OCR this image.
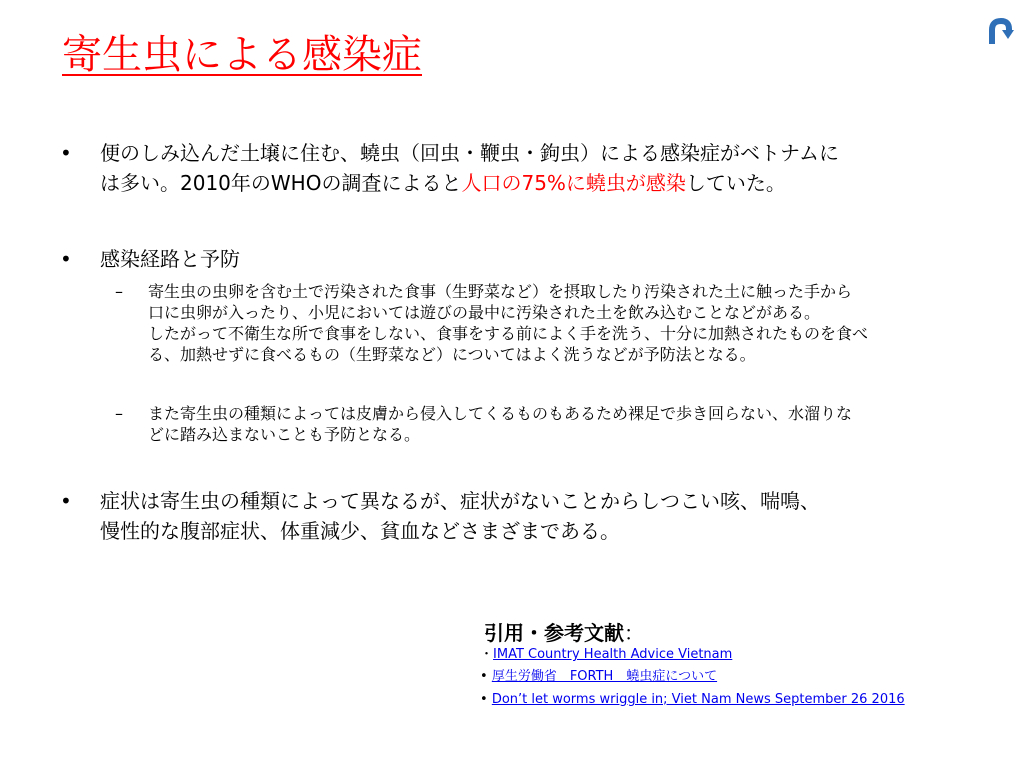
寄生虫による感染症
• 便のしみ込んだ土壌に住む、蟯虫（回虫・鞭虫・鉤虫）による感染症がベトナムに
は多い。2010年のWHOの調査によると人口の75%に蟯虫が感染していた。
• 感染経路と予防
– 寄生虫の虫卵を含む土で汚染された食事（生野菜など）を摂取したり汚染された土に触った手から
口に虫卵が入ったり、小児においては遊びの最中に汚染された土を飲み込むことなどがある。
したがって不衛生な所で食事をしない、食事をする前によく手を洗う、十分に加熱されたものを食べ
る、加熱せずに食べるもの（生野菜など）についてはよく洗うなどが予防法となる。
– また寄生虫の種類によっては皮膚から侵入してくるものもあるため裸足で歩き回らない、水溜りな
どに踏み込まないことも予防となる。
• 症状は寄生虫の種類によって異なるが、症状がないことからしつこい咳、喘鳴、
慢性的な腹部症状、体重減少、貧血などさまざまである。
引用・参考文献：
・IMAT Country Health Advice Vietnam
• 厚生労働省　FORTH　蟯虫症について
• Don’t let worms wriggle in; Viet Nam News September 26 2016
